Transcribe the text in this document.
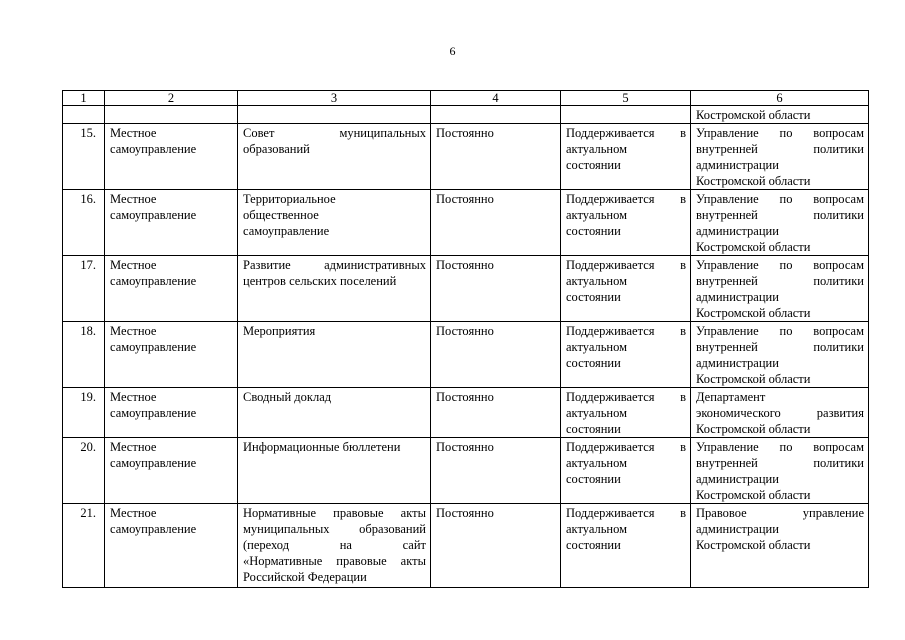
6
1	2	3	4	5	6
					Костромской области
15.	Местное
самоуправление	Совет муниципальных
образований	Постоянно	Поддерживается в
актуальном
состоянии	Управление по вопросам
внутренней политики
администрации
Костромской области

16.	Местное
самоуправление	Территориальное
общественное
самоуправление	Постоянно	Поддерживается в
актуальном
состоянии	Управление по вопросам
внутренней политики
администрации
Костромской области

17.	Местное
самоуправление	Развитие административных
центров сельских поселений	Постоянно	Поддерживается в
актуальном
состоянии	Управление по вопросам
внутренней политики
администрации
Костромской области

18.	Местное
самоуправление	Мероприятия	Постоянно	Поддерживается в
актуальном
состоянии	Управление по вопросам
внутренней политики
администрации
Костромской области

19.	Местное
самоуправление	Сводный доклад	Постоянно	Поддерживается в
актуальном
состоянии	Департамент
экономического развития
Костромской области

20.	Местное
самоуправление	Информационные бюллетени	Постоянно	Поддерживается в
актуальном
состоянии	Управление по вопросам
внутренней политики
администрации
Костромской области

21.	Местное
самоуправление	Нормативные правовые акты
муниципальных образований
(переход на сайт
«Нормативные правовые акты
Российской Федерации	Постоянно	Поддерживается в
актуальном
состоянии	Правовое управление
администрации
Костромской области
